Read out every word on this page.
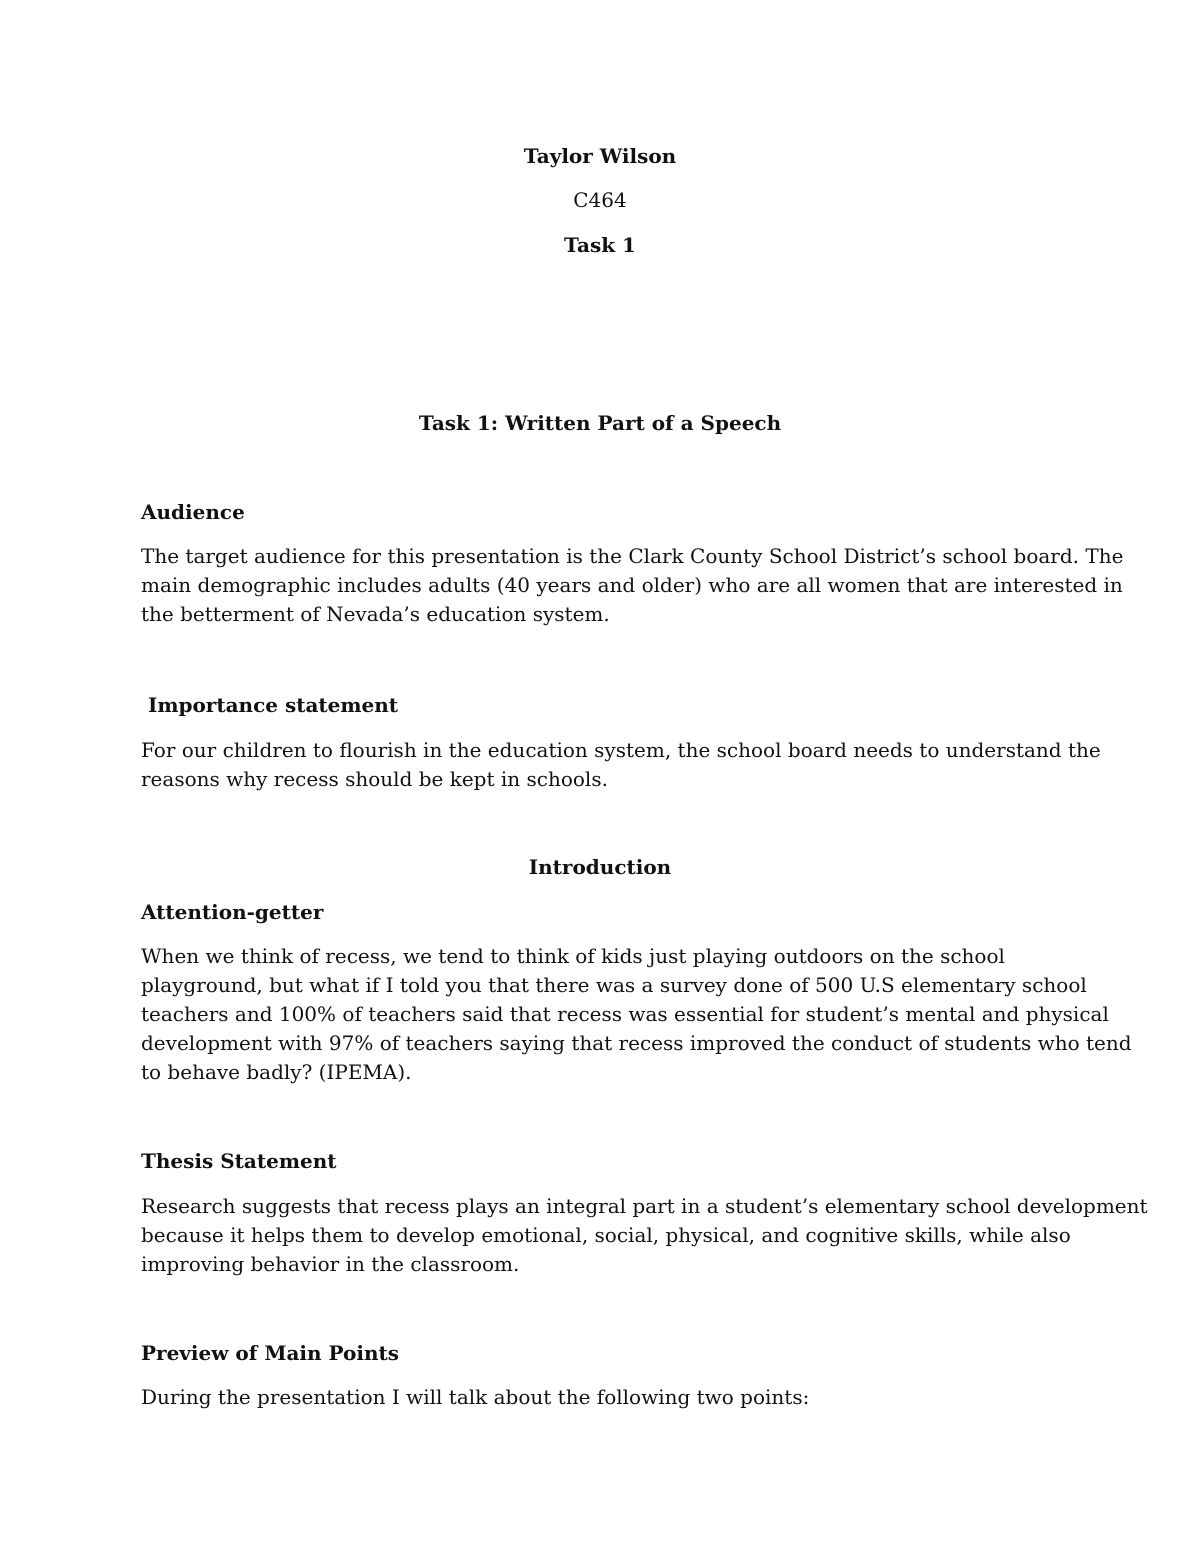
Taylor Wilson

C464

Task 1

Task 1: Written Part of a Speech

Audience

The target audience for this presentation is the Clark County School District’s school board. The
main demographic includes adults (40 years and older) who are all women that are interested in
the betterment of Nevada’s education system.

Importance statement

For our children to flourish in the education system, the school board needs to understand the
reasons why recess should be kept in schools.

Introduction

Attention-getter

When we think of recess, we tend to think of kids just playing outdoors on the school
playground, but what if I told you that there was a survey done of 500 U.S elementary school
teachers and 100% of teachers said that recess was essential for student’s mental and physical
development with 97% of teachers saying that recess improved the conduct of students who tend
to behave badly? (IPEMA).

Thesis Statement

Research suggests that recess plays an integral part in a student’s elementary school development
because it helps them to develop emotional, social, physical, and cognitive skills, while also
improving behavior in the classroom.

Preview of Main Points

During the presentation I will talk about the following two points:
